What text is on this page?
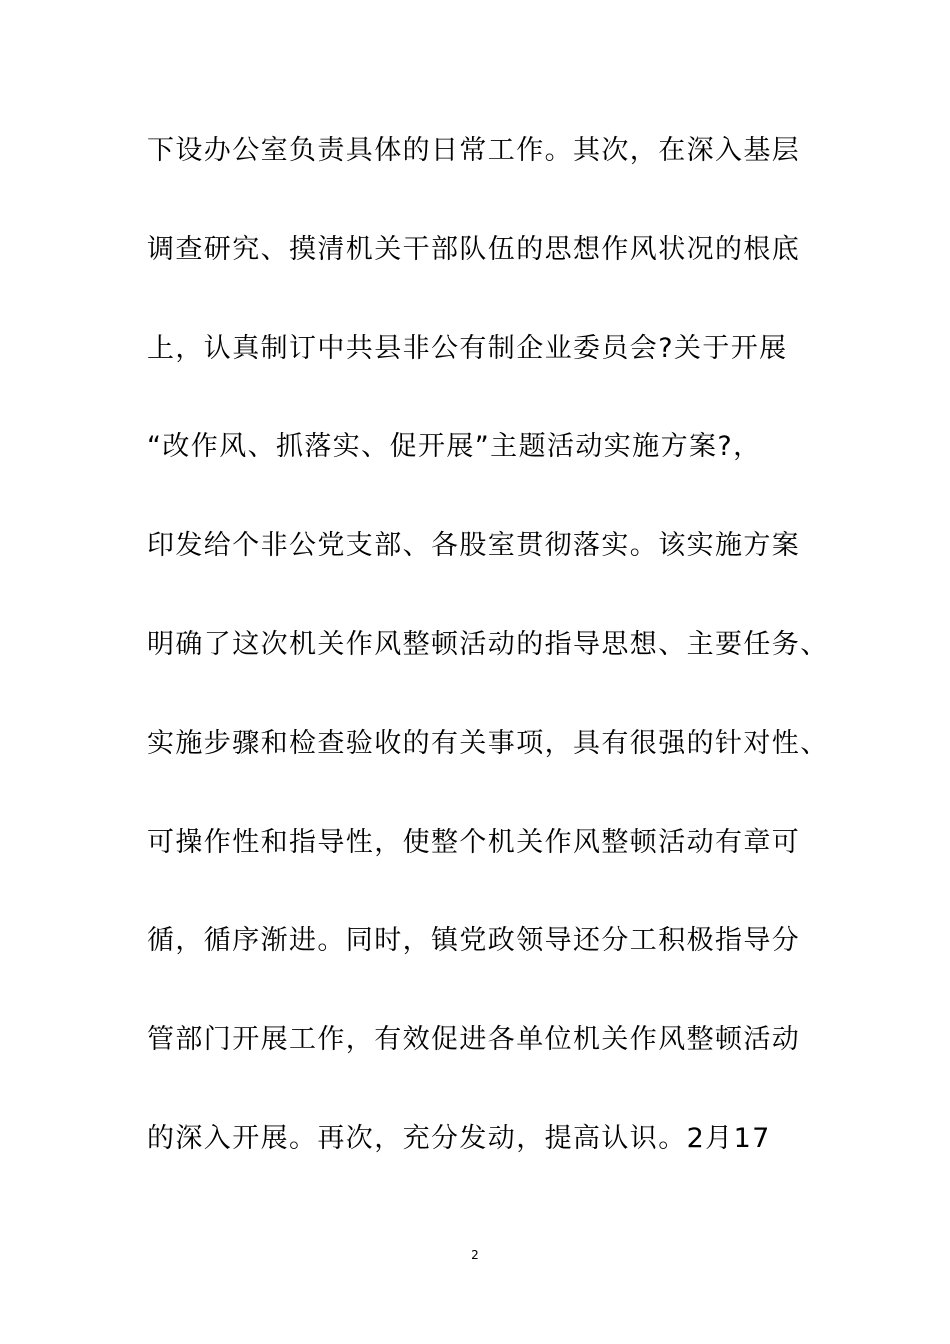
下设办公室负责具体的日常工作。其次，在深入基层
调查研究、摸清机关干部队伍的思想作风状况的根底
上，认真制订中共县非公有制企业委员会?关于开展
“改作风、抓落实、促开展”主题活动实施方案?，
印发给个非公党支部、各股室贯彻落实。该实施方案
明确了这次机关作风整顿活动的指导思想、主要任务、
实施步骤和检查验收的有关事项，具有很强的针对性、
可操作性和指导性，使整个机关作风整顿活动有章可
循，循序渐进。同时，镇党政领导还分工积极指导分
管部门开展工作，有效促进各单位机关作风整顿活动
的深入开展。再次，充分发动，提高认识。2月17
2
